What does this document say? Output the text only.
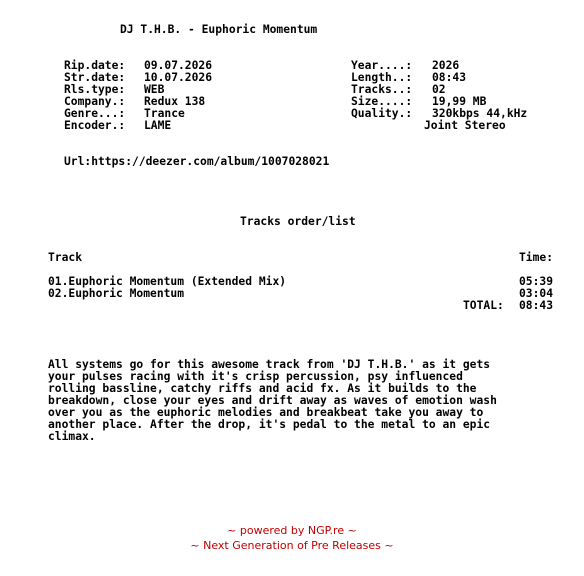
DJ T.H.B. - Euphoric Momentum
Rip.date: 09.07.2026	Year....: 2026
Str.date: 10.07.2026	Length..: 08:43
Rls.type: WEB	Tracks..: 02
Company.: Redux 138	Size....: 19,99 MB
Genre...: Trance	Quality.: 320kbps 44,kHz
Encoder.: LAME	Joint Stereo
Url:https://deezer.com/album/1007028021
Tracks order/list
Track	Time:
01.Euphoric Momentum (Extended Mix)	05:39
02.Euphoric Momentum	03:04
TOTAL: 08:43
All systems go for this awesome track from 'DJ T.H.B.' as it gets
your pulses racing with it's crisp percussion, psy influenced
rolling bassline, catchy riffs and acid fx. As it builds to the
breakdown, close your eyes and drift away as waves of emotion wash
over you as the euphoric melodies and breakbeat take you away to
another place. After the drop, it's pedal to the metal to an epic
climax.
~ powered by NGP.re ~
~ Next Generation of Pre Releases ~
